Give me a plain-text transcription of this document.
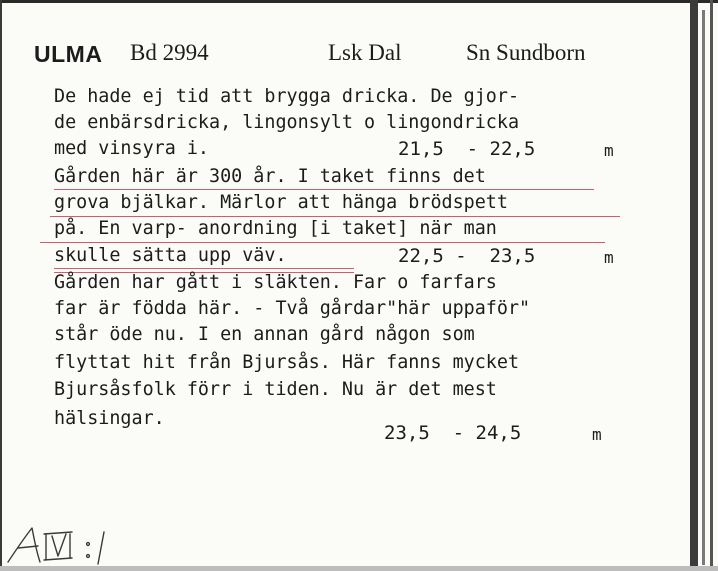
ULMA Bd 2994	Lsk Dal	Sn Sundborn
De hade ej tid att brygga dricka. De gjor-
de enbärsdricka, lingonsylt o lingondricka
med vinsyra i.
Gården här är 300 år. I taket finns det
grova bjälkar. Märlor att hänga brödspett
på. En varp- anordning [i taket] när man
skulle sätta upp väv.
Gården har gått i släkten. Far o farfars
far är födda här. - Två gårdar"här uppaför"
står öde nu. I en annan gård någon som
flyttat hit från Bjursås. Här fanns mycket
Bjursåsfolk förr i tiden. Nu är det mest
hälsingar.
21,5  - 22,5	m
22,5 -  23,5	m
23,5  - 24,5	m
